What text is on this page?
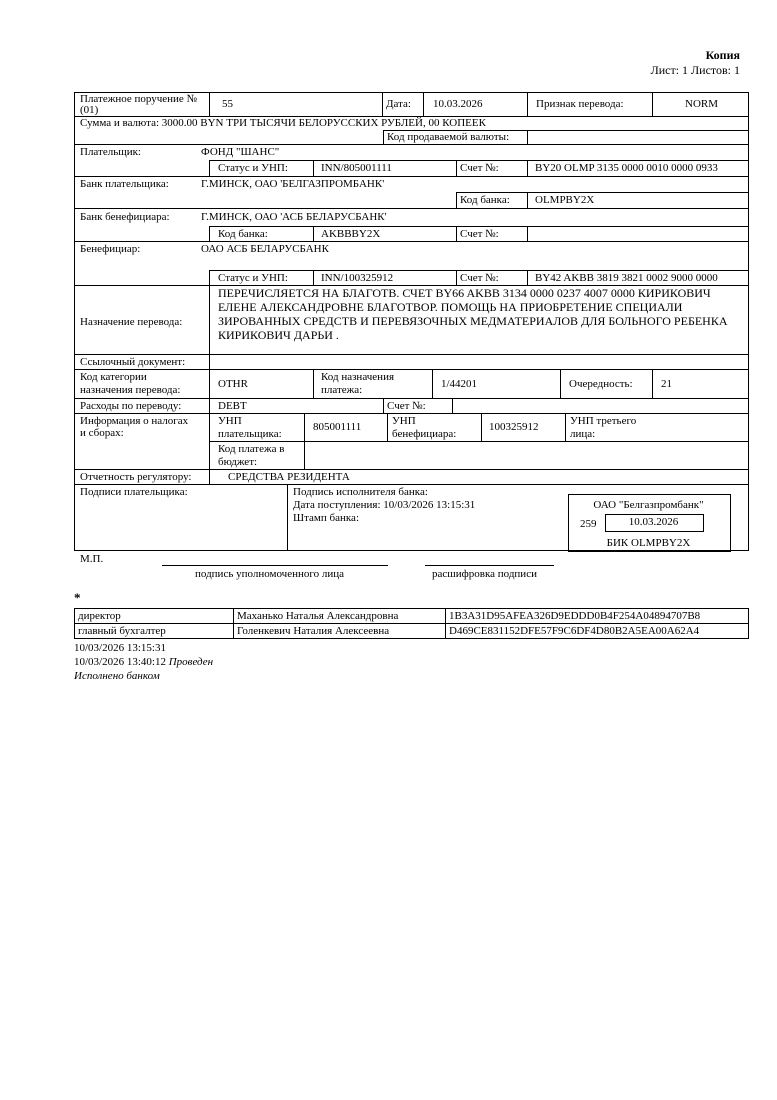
Копия
Лист: 1 Листов: 1
Платежное поручение №
(01)	55	Дата: 10.03.2026	Признак перевода:	NORM
Сумма и валюта: 3000.00 BYN ТРИ ТЫСЯЧИ БЕЛОРУССКИХ РУБЛЕЙ, 00 КОПЕЕК
Код продаваемой валюты:
Плательщик:	ФОНД "ШАНС"
Статус и УНП:	INN/805001111	Счет №:	BY20 OLMP 3135 0000 0010 0000 0933
Банк плательщика:	Г.МИНСК, ОАО 'БЕЛГАЗПРОМБАНК'
Код банка: OLMPBY2X
Банк бенефициара:	Г.МИНСК, ОАО 'АСБ БЕЛАРУСБАНК'
Код банка:	AKBBBY2X	Счет №:
Бенефициар:	ОАО АСБ БЕЛАРУСБАНК
Статус и УНП:	INN/100325912	Счет №:	BY42 AKBB 3819 3821 0002 9000 0000
Назначение перевода:
ПЕРЕЧИСЛЯЕТСЯ НА БЛАГОТВ. СЧЕТ BY66 AKBB 3134 0000 0237 4007 0000 КИРИКОВИЧ
ЕЛЕНЕ АЛЕКСАНДРОВНЕ БЛАГОТВОР. ПОМОЩЬ НА ПРИОБРЕТЕНИЕ СПЕЦИАЛИ
ЗИРОВАННЫХ СРЕДСТВ И ПЕРЕВЯЗОЧНЫХ МЕДМАТЕРИАЛОВ ДЛЯ БОЛЬНОГО РЕБЕНКА
КИРИКОВИЧ ДАРЬИ .
Ссылочный документ:
Код категории
назначения перевода:	OTHR
Код назначения
платежа:	1/44201	Очередность:	21
Расходы по переводу:	DEBT	Счет №:
Информация о налогах
и сборах:
УНП
плательщика:
805001111	УНП
бенефициара:
100325912	УНП третьего
лица:
Код платежа в
бюджет:
Отчетность регулятору:	СРЕДСТВА РЕЗИДЕНТА
Подписи плательщика:	Подпись исполнителя банка:
Дата поступления: 10/03/2026 13:15:31
Штамп банка:
ОАО "Белгазпромбанк"
259	10.03.2026
БИК OLMPBY2X
М.П.
подпись уполномоченного лица	расшифровка подписи
*
директор	Маханько Наталья Александровна	1B3A31D95AFEA326D9EDDD0B4F254A04894707B8
главный бухгалтер	Голенкевич Наталия Алексеевна	D469CE831152DFE57F9C6DF4D80B2A5EA00A62A4
10/03/2026 13:15:31
10/03/2026 13:40:12 Проведен
Исполнено банком
